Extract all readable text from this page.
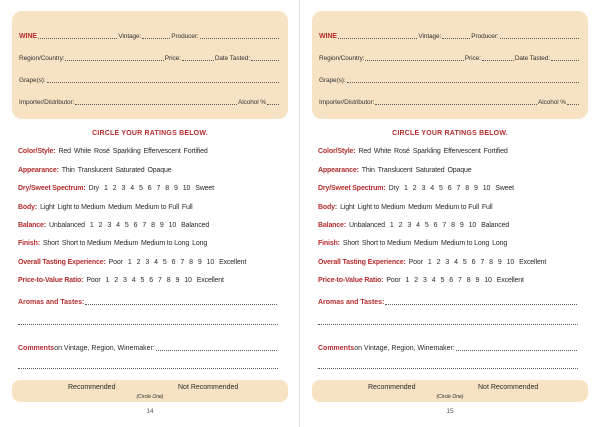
WINE	Vintage:	Producer:
Region/Country:	Price:	Date Tasted:
Grape(s):
Importer/Distributor:	Alcohol %
CIRCLE YOUR RATINGS BELOW.
Color/Style: Red White Rosé Sparkling Effervescent Fortified
Appearance: Thin Translucent Saturated Opaque
Dry/Sweet Spectrum: Dry 1 2 3 4 5 6 7 8 9 10 Sweet
Body: Light Light to Medium Medium Medium to Full Full
Balance: Unbalanced 1 2 3 4 5 6 7 8 9 10 Balanced
Finish: Short Short to Medium Medium Medium to Long Long
Overall Tasting Experience: Poor 1 2 3 4 5 6 7 8 9 10 Excellent
Price-to-Value Ratio: Poor 1 2 3 4 5 6 7 8 9 10 Excellent
Aromas and Tastes:
Comments on Vintage, Region, Winemaker:
Recommended	Not Recommended
(Circle One)
14
WINE	Vintage:	Producer:
Region/Country:	Price:	Date Tasted:
Grape(s):
Importer/Distributor:	Alcohol %
CIRCLE YOUR RATINGS BELOW.
Color/Style: Red White Rosé Sparkling Effervescent Fortified
Appearance: Thin Translucent Saturated Opaque
Dry/Sweet Spectrum: Dry 1 2 3 4 5 6 7 8 9 10 Sweet
Body: Light Light to Medium Medium Medium to Full Full
Balance: Unbalanced 1 2 3 4 5 6 7 8 9 10 Balanced
Finish: Short Short to Medium Medium Medium to Long Long
Overall Tasting Experience: Poor 1 2 3 4 5 6 7 8 9 10 Excellent
Price-to-Value Ratio: Poor 1 2 3 4 5 6 7 8 9 10 Excellent
Aromas and Tastes:
Comments on Vintage, Region, Winemaker:
Recommended	Not Recommended
(Circle One)
15
